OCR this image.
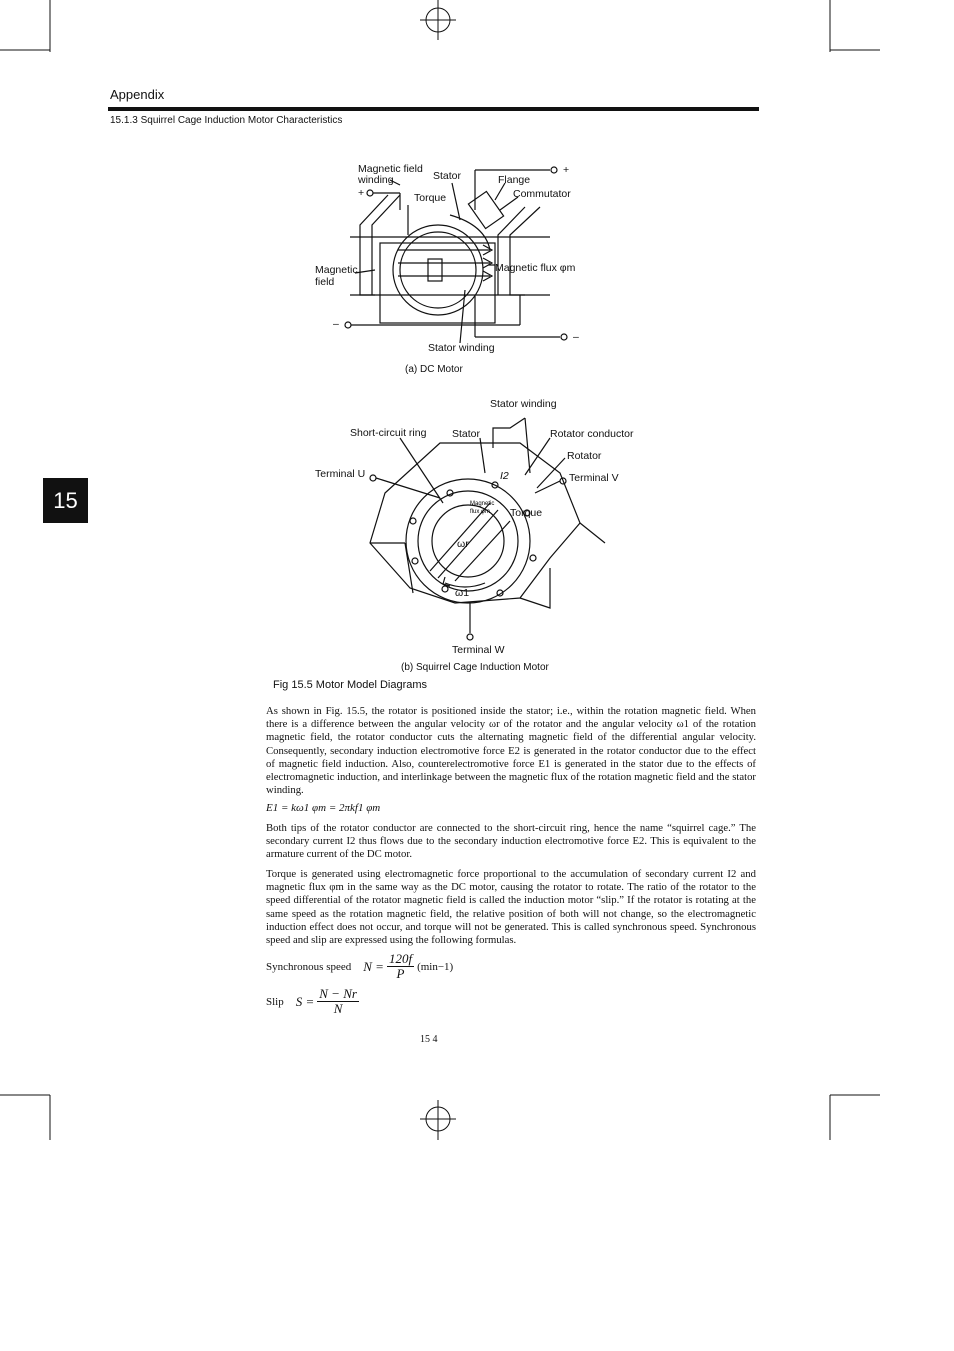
Appendix
15.1.3 Squirrel Cage Induction Motor Characteristics
15
Magnetic field
winding
+
Stator	Flange
Commutator
+
Torque
Magnetic
field
Magnetic flux φm
–
–
Stator winding
(a) DC Motor
Stator winding
Short-circuit ring Stator	Rotator conductor
Rotator
Terminal U	Terminal V
I2
Torque
Magnetic
flux φm
ωr
ω1
Terminal W
(b) Squirrel Cage Induction Motor
Fig 15.5 Motor Model Diagrams

As shown in Fig. 15.5, the rotator is positioned inside the stator; i.e., within the rotation magnetic field. When there is a difference between the angular velocity ωr of the rotator and the angular velocity ω1 of the rotation magnetic field, the rotator conductor cuts the alternating magnetic field of the differential angular velocity. Consequently, secondary induction electromotive force E2 is generated in the rotator conductor due to the effect of magnetic field induction. Also, counterelectromotive force E1 is generated in the stator due to the effects of electromagnetic induction, and interlinkage between the magnetic flux of the rotation magnetic field and the stator winding.

E1 = kω1 φm = 2πkf1 φm

Both tips of the rotator conductor are connected to the short-circuit ring, hence the name “squirrel cage.” The secondary current I2 thus flows due to the secondary induction electromotive force E2. This is equivalent to the armature current of the DC motor.

Torque is generated using electromagnetic force proportional to the accumulation of secondary current I2 and magnetic flux φm in the same way as the DC motor, causing the rotator to rotate. The ratio of the rotator to the speed differential of the rotator magnetic field is called the induction motor “slip.” If the rotator is rotating at the same speed as the rotation magnetic field, the relative position of both will not change, so the electromagnetic induction effect does not occur, and torque will not be generated. This is called synchronous speed. Synchronous speed and slip are expressed using the following formulas.

Synchronous speed $N = \frac{120f}{P} (\min-1)$
Slip $S = \frac{N - Nr}{N}$
15 4
